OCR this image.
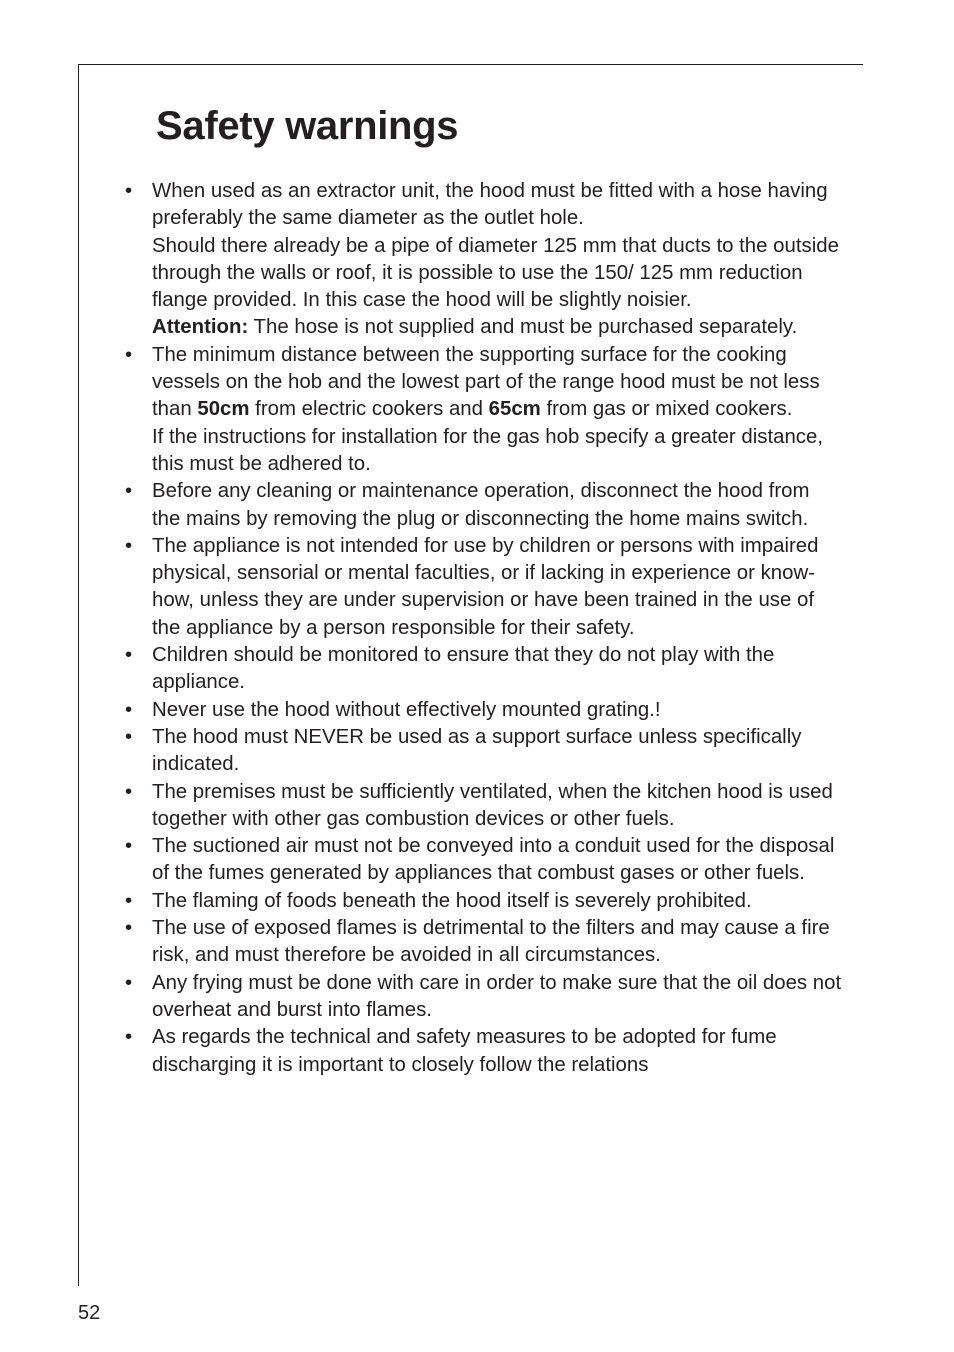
Safety warnings
• When used as an extractor unit, the hood must be fitted with a hose having preferably the same diameter as the outlet hole.
Should there already be a pipe of diameter 125 mm that ducts to the outside through the walls or roof, it is possible to use the 150/ 125 mm reduction flange provided. In this case the hood will be slightly noisier.
Attention: The hose is not supplied and must be purchased separately.
• The minimum distance between the supporting surface for the cooking vessels on the hob and the lowest part of the range hood must be not less than 50cm from electric cookers and 65cm from gas or mixed cookers.
If the instructions for installation for the gas hob specify a greater distance, this must be adhered to.
• Before any cleaning or maintenance operation, disconnect the hood from the mains by removing the plug or disconnecting the home mains switch.
• The appliance is not intended for use by children or persons with impaired physical, sensorial or mental faculties, or if lacking in experience or know-how, unless they are under supervision or have been trained in the use of the appliance by a person responsible for their safety.
• Children should be monitored to ensure that they do not play with the appliance.
• Never use the hood without effectively mounted grating.!
• The hood must NEVER be used as a support surface unless specifically indicated.
• The premises must be sufficiently ventilated, when the kitchen hood is used together with other gas combustion devices or other fuels.
• The suctioned air must not be conveyed into a conduit used for the disposal of the fumes generated by appliances that combust gases or other fuels.
• The flaming of foods beneath the hood itself is severely prohibited.
• The use of exposed flames is detrimental to the filters and may cause a fire risk, and must therefore be avoided in all circumstances.
• Any frying must be done with care in order to make sure that the oil does not overheat and burst into flames.
• As regards the technical and safety measures to be adopted for fume discharging it is important to closely follow the relations
52
